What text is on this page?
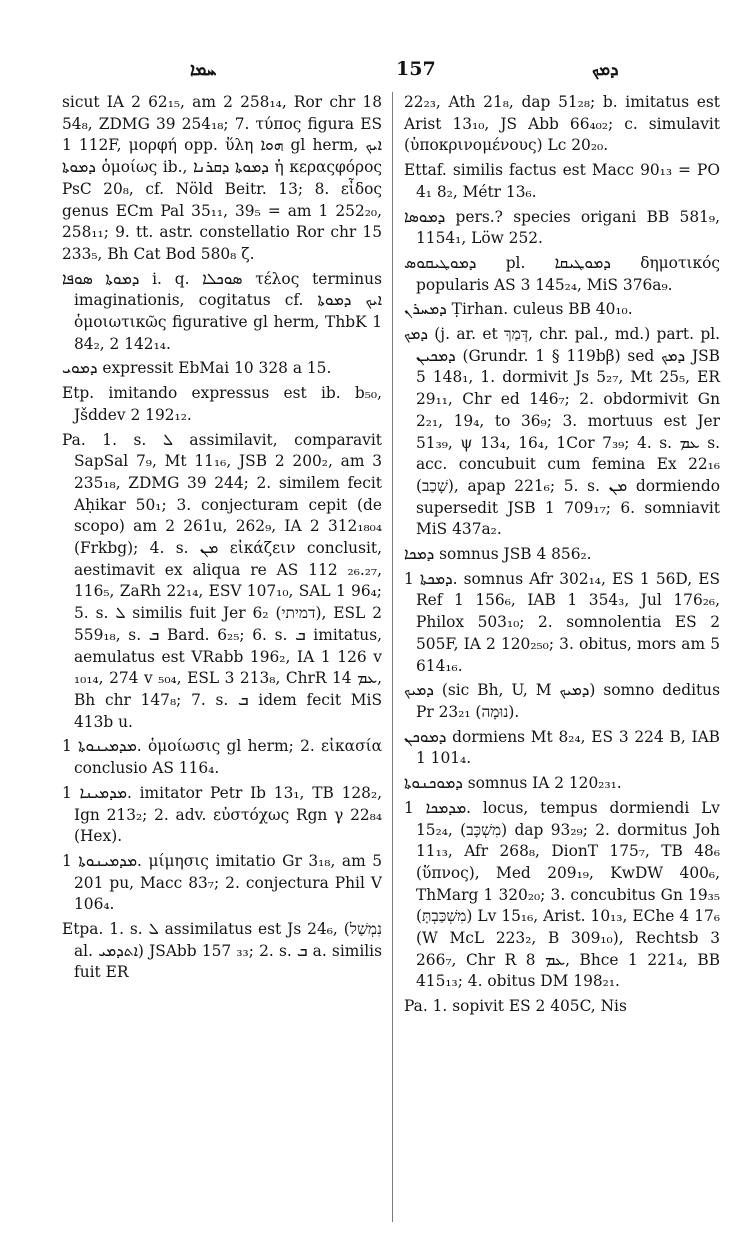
ܚܡܐ	157	ܕܡܟ

sicut IA 2 62₁₅, am 2 258₁₄, Ror chr 18 54₈, ZDMG 39 254₁₈; 7. τύπος figura ES 1 112F, μορφή opp. ὕλη ܗܘܐ gl herm, ܐܝܟ ܕܡܘܬܐ ὁμοίως ib., ܕܡܘܬܐ ܕܩܪܢܐ ἡ κεραςφόρος PsC 20₈, cf. Nöld Beitr. 13; 8. εἶδος genus ECm Pal 35₁₁, 39₅ = am 1 252₂₀, 258₁₁; 9. tt. astr. constellatio Ror chr 15 233₅, Bh Cat Bod 580₈ ζ.

ܕܡܘܬܐ ܣܘܦܐ i. q. ܣܘܟܠܐ τέλος terminus imaginationis, cogitatus cf. ܐܝܟ ܕܡܘܬܐ ὁμοιωτικῶς figurative gl herm, ThbK 1 84₂, 2 142₁₄.

ܕܡܘܝ expressit EbMai 10 328 a 15.

Etp. imitando expressus est ib. b₅₀, Jšddev 2 192₁₂.

Pa. 1. s. ܠ assimilavit, comparavit SapSal 7₉, Mt 11₁₆, JSB 2 200₂, am 3 235₁₈, ZDMG 39 244; 2. similem fecit Aḥikar 50₁; 3. conjecturam cepit (de scopo) am 2 261u, 262₉, IA 2 312₁₈₀₄ (Frkbg); 4. s. ܡܢ εἰκάζειν conclusit, aestimavit ex aliqua re AS 112 ₂₆.₂₇, 116₅, ZaRh 22₁₄, ESV 107₁₀, SAL 1 96₄; 5. s. ܠ similis fuit Jer 6₂ (דמיתי), ESL 2 559₁₈, s. ܒ Bard. 6₂₅; 6. s. ܒ imitatus, aemulatus est VRabb 196₂, IA 1 126 v ₁₀₁₄, 274 v ₅₀₄, ESL 3 213₈, ChrR ܥܡ 14, Bh chr 147₈; 7. s. ܒ idem fecit MiS 413b u.

ܡܕܡܝܢܘܬܐ 1. ὁμοίωσις gl herm; 2. εἰκασία conclusio AS 116₄.

ܡܕܡܝܢܐ 1. imitator Petr Ib 13₁, TB 128₂, Ign 213₂; 2. adv. εὐστόχως Rgn γ 22₈₄ (Hex).

ܡܕܡܝܢܘܬܐ 1. μίμησις imitatio Gr 3₁₈, am 5 201 pu, Macc 83₇; 2. conjectura Phil V 106₄.

Etpa. 1. s. ܠ assimilatus est Js 24₆, (נִמְשַׁל al. ܐܬܕܡܝ) JSAbb 157 ₃₃; 2. s. ܒ a. similis fuit ER

22₂₃, Ath 21₈, dap 51₂₈; b. imitatus est Arist 13₁₀, JS Abb 66₄₀₂; c. simulavit (ὑποκρινομένους) Lc 20₂₀.

Ettaf. similis factus est Macc 90₁₃ = PO 4₁ 8₂, Métr 13₆.

ܕܡܘܣܐ pers.? species origani BB 581₉, 1154₁, Löw 252.

ܕܡܘܛܝܩܘܣ pl. ܕܡܘܛܝܩܐ δημοτικός popularis AS 3 145₂₄, MiS 376a₉.

ܕܡܚܪܢ Ṭirhan. culeus BB 40₁₀.

ܕܡܟ (j. ar. et דְּמַךְ, chr. pal., md.) part. pl. ܕܡܟܝܢ (Grundr. 1 § 119bβ) sed ܕܡܟ JSB 5 148₁, 1. dormivit Js 5₂₇, Mt 25₅, ER 29₁₁, Chr ed 146₇; 2. obdormivit Gn 2₂₁, 19₄, to 36₉; 3. mortuus est Jer 51₃₉, ψ 13₄, 16₄, 1Cor 7₃₉; 4. s. ܥܡ s. acc. concubuit cum femina Ex 22₁₆ (שָׁכַב), apap 221₆; 5. s. ܡܢ dormiendo supersedit JSB 1 709₁₇; 6. somniavit MiS 437a₂.

ܕܡܟܐ somnus JSB 4 856₂.

ܕܡܟܬܐ 1. somnus Afr 302₁₄, ES 1 56D, ES Ref 1 156₆, IAB 1 354₃, Jul 176₂₆, Philox 503₁₀; 2. somnolentia ES 2 505F, IA 2 120₂₅₀; 3. obitus, mors am 5 614₁₆.

ܕܡܝܟ (sic Bh, U, M ܕܡܝܟ) somno deditus Pr 23₂₁ (נוּמָה).

ܕܡܘܟܢ dormiens Mt 8₂₄, ES 3 224 B, IAB 1 101₄.

ܕܡܘܟܢܘܬܐ somnus IA 2 120₂₃₁.

ܡܕܡܟܐ 1. locus, tempus dormiendi Lv 15₂₄, (מִשְׁכָּב) dap 93₂₉; 2. dormitus Joh 11₁₃, Afr 268₈, DionT 175₇, TB 48₆ (ὕπνος), Med 209₁₉, KwDW 400₆, ThMarg 1 320₂₀; 3. concubitus Gn 19₃₅ (מִשְׁכַּבְתָּ) Lv 15₁₆, Arist. 10₁₃, EChe 4 17₆ (W McL 223₂, B 309₁₀), Rechtsb 3 266₇, Chr R ܥܡ 8, Bhce 1 221₄, BB 415₁₃; 4. obitus DM 198₂₁.

Pa. 1. sopivit ES 2 405C, Nis
